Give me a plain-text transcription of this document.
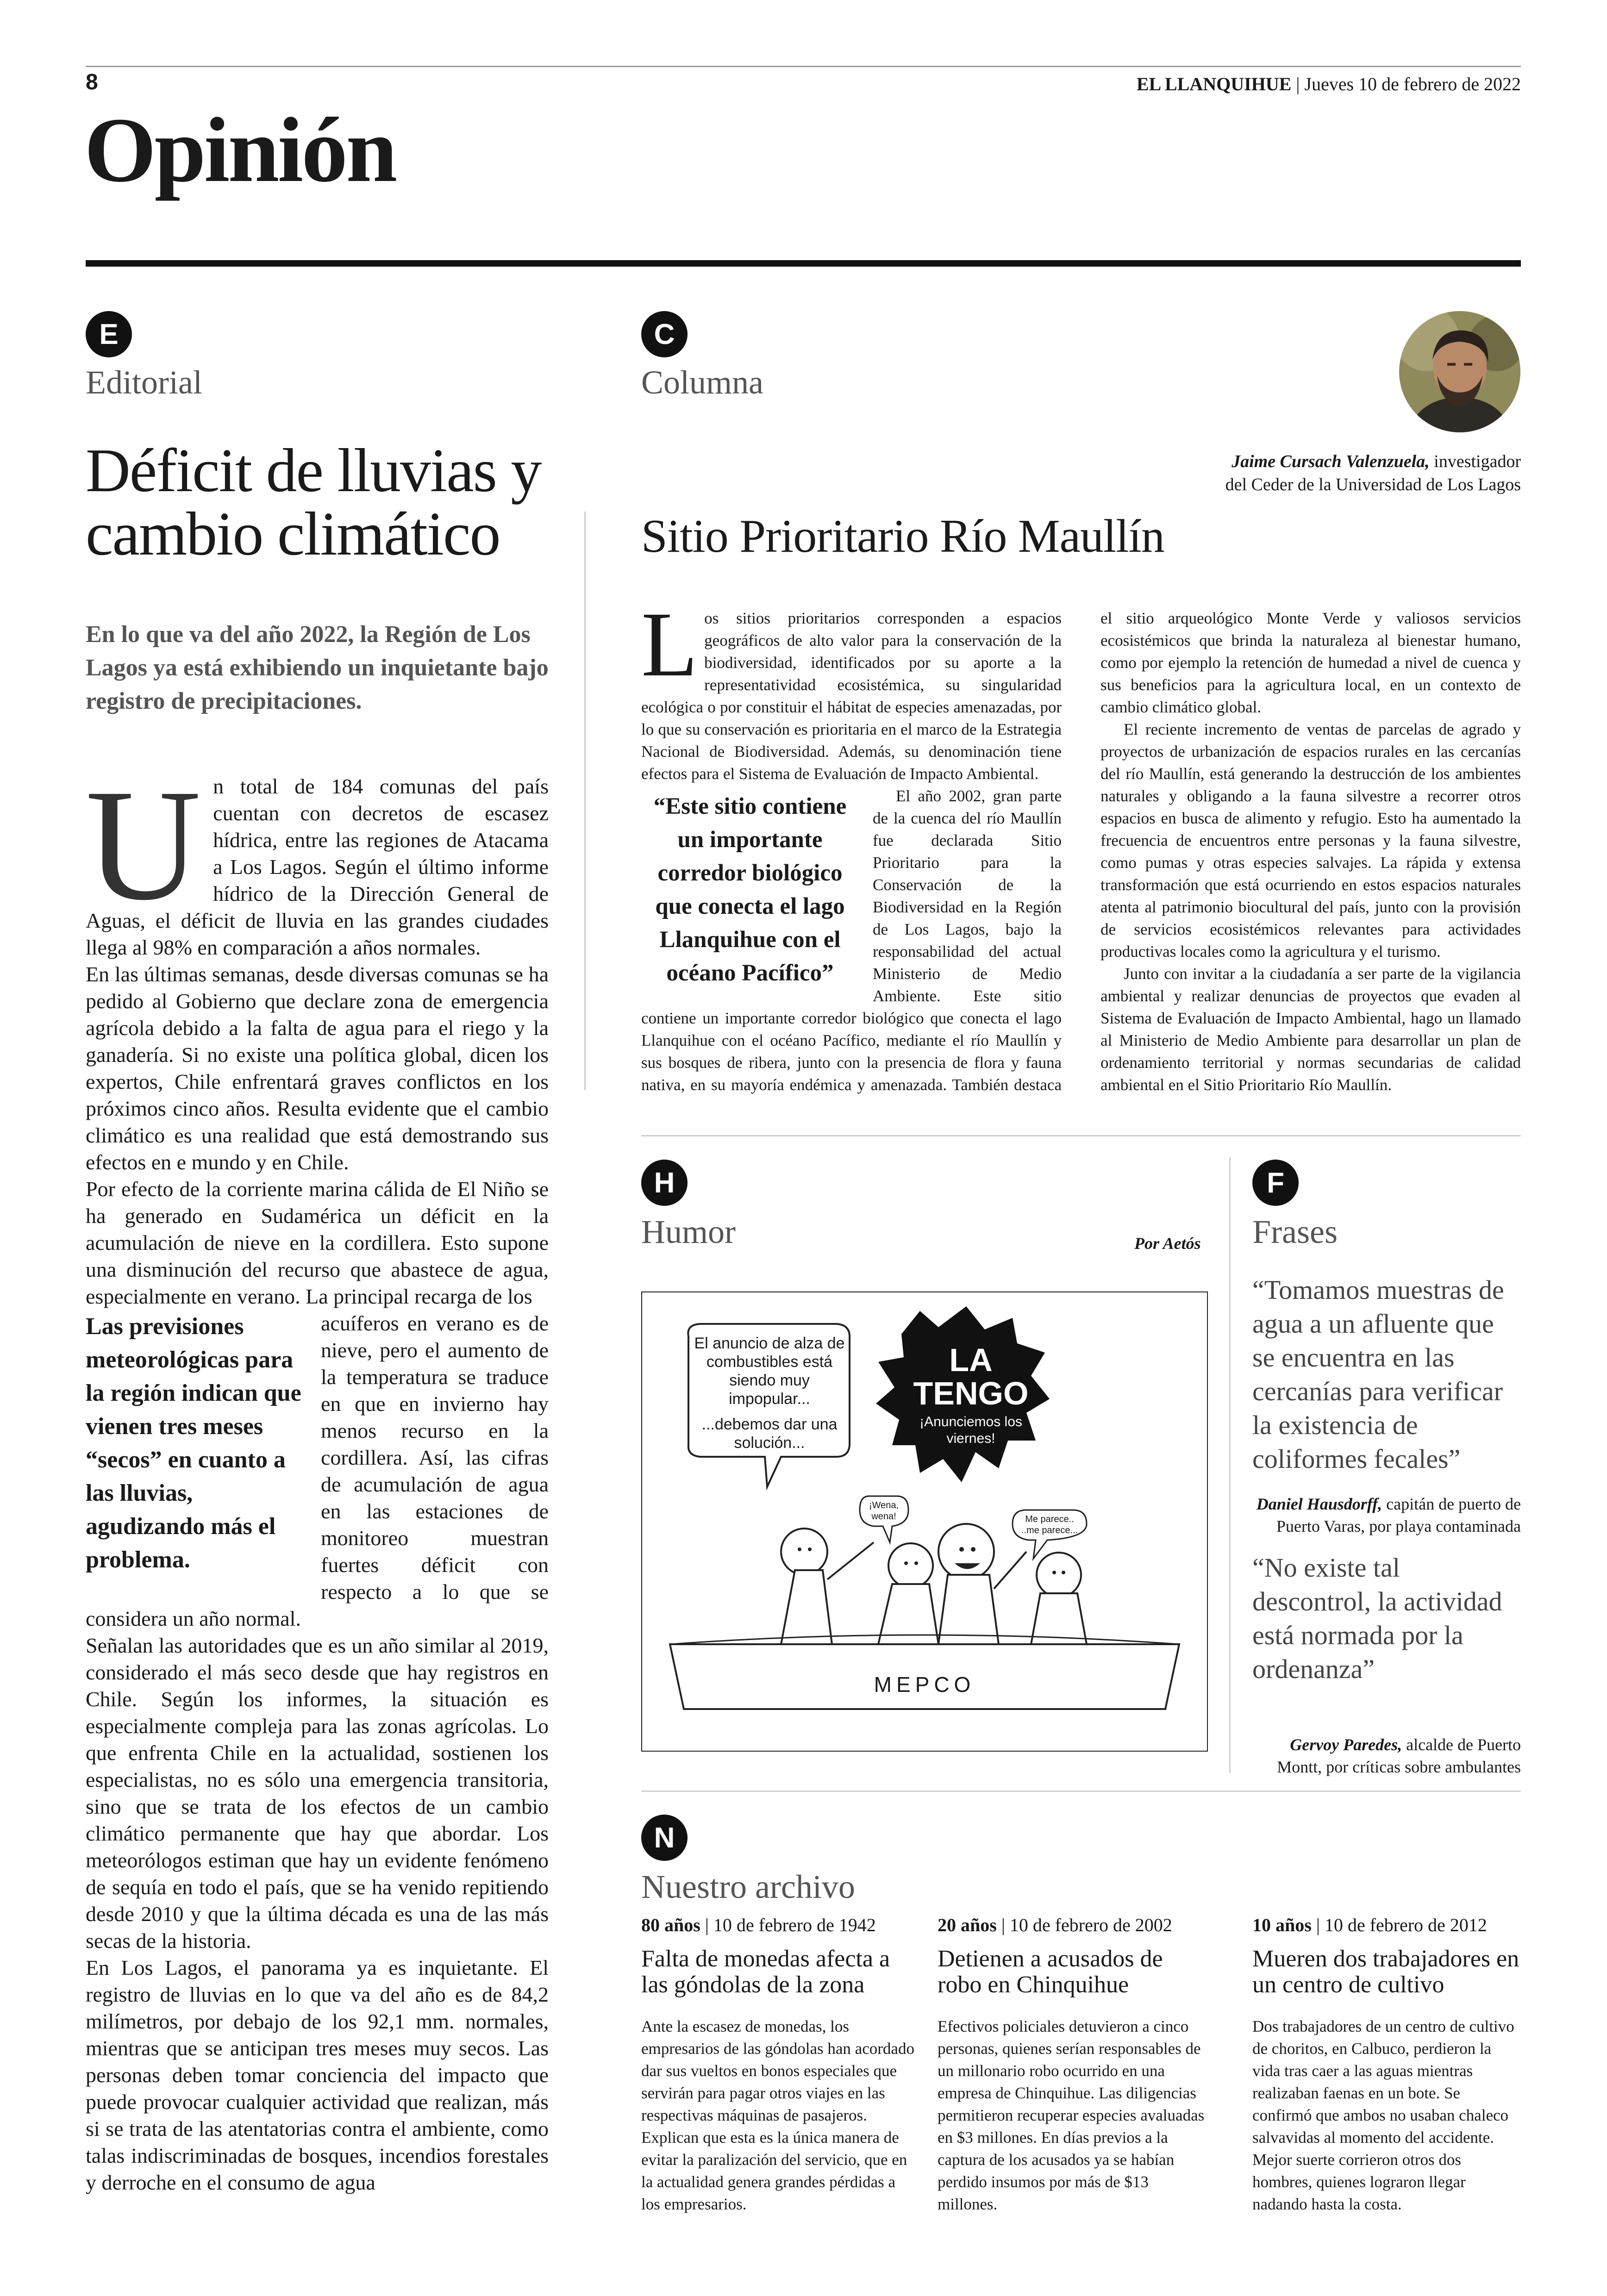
8	EL LLANQUIHUE | Jueves 10 de febrero de 2022
Opinión
E
Editorial
Déficit de lluvias y
cambio climático
En lo que va del año 2022, la Región de Los Lagos ya está exhibiendo un inquietante bajo registro de precipitaciones.
U n total de 184 comunas del país cuentan con decretos de escasez hídrica, entre las regiones de Atacama a Los Lagos. Según el último informe hídrico de la Dirección General de Aguas, el déficit de lluvia en las grandes ciudades llega al 98% en comparación a años normales.

En las últimas semanas, desde diversas comunas se ha pedido al Gobierno que declare zona de emergencia agrícola debido a la falta de agua para el riego y la ganadería. Si no existe una política global, dicen los expertos, Chile enfrentará graves conflictos en los próximos cinco años. Resulta evidente que el cambio climático es una realidad que está demostrando sus efectos en e mundo y en Chile.

Por efecto de la corriente marina cálida de El Niño se ha generado en Sudamérica un déficit en la acumulación de nieve en la cordillera. Esto supone una disminución del recurso que abastece de agua, especialmente en verano. La principal recarga de los

Las previsiones meteorológicas para la región indican que vienen tres meses “secos” en cuanto a las lluvias, agudizando más el problema.

acuíferos en verano es de nieve, pero el aumento de la temperatura se traduce en que en invierno hay menos recurso en la cordillera. Así, las cifras de acumulación de agua en las estaciones de monitoreo muestran fuertes déficit con respecto a lo que se considera un año normal.

Señalan las autoridades que es un año similar al 2019, considerado el más seco desde que hay registros en Chile. Según los informes, la situación es especialmente compleja para las zonas agrícolas. Lo que enfrenta Chile en la actualidad, sostienen los especialistas, no es sólo una emergencia transitoria, sino que se trata de los efectos de un cambio climático permanente que hay que abordar. Los meteorólogos estiman que hay un evidente fenómeno de sequía en todo el país, que se ha venido repitiendo desde 2010 y que la última década es una de las más secas de la historia.

En Los Lagos, el panorama ya es inquietante. El registro de lluvias en lo que va del año es de 84,2 milímetros, por debajo de los 92,1 mm. normales, mientras que se anticipan tres meses muy secos. Las personas deben tomar conciencia del impacto que puede provocar cualquier actividad que realizan, más si se trata de las atentatorias contra el ambiente, como talas indiscriminadas de bosques, incendios forestales y derroche en el consumo de agua

C
Columna
Jaime Cursach Valenzuela, investigador del Ceder de la Universidad de Los Lagos
Sitio Prioritario Río Maullín
L os sitios prioritarios corresponden a espacios geográficos de alto valor para la conservación de la biodiversidad, identificados por su aporte a la representatividad ecosistémica, su singularidad ecológica o por constituir el hábitat de especies amenazadas, por lo que su conservación es prioritaria en el marco de la Estrategia Nacional de Biodiversidad. Además, su denominación tiene efectos para el Sistema de Evaluación de Impacto Ambiental.

“Este sitio contiene un importante corredor biológico que conecta el lago Llanquihue con el océano Pacífico”

El año 2002, gran parte de la cuenca del río Maullín fue declarada Sitio Prioritario para la Conservación de la Biodiversidad en la Región de Los Lagos, bajo la responsabilidad del actual Ministerio de Medio Ambiente. Este sitio contiene un importante corredor biológico que conecta el lago Llanquihue con el océano Pacífico, mediante el río Maullín y sus bosques de ribera, junto con la presencia de flora y fauna nativa, en su mayoría endémica y amenazada. También destaca el sitio arqueológico Monte Verde y valiosos servicios ecosistémicos que brinda la naturaleza al bienestar humano, como por ejemplo la retención de humedad a nivel de cuenca y sus beneficios para la agricultura local, en un contexto de cambio climático global.

El reciente incremento de ventas de parcelas de agrado y proyectos de urbanización de espacios rurales en las cercanías del río Maullín, está generando la destrucción de los ambientes naturales y obligando a la fauna silvestre a recorrer otros espacios en busca de alimento y refugio. Esto ha aumentado la frecuencia de encuentros entre personas y la fauna silvestre, como pumas y otras especies salvajes. La rápida y extensa transformación que está ocurriendo en estos espacios naturales atenta al patrimonio biocultural del país, junto con la provisión de servicios ecosistémicos relevantes para actividades productivas locales como la agricultura y el turismo.

Junto con invitar a la ciudadanía a ser parte de la vigilancia ambiental y realizar denuncias de proyectos que evaden al Sistema de Evaluación de Impacto Ambiental, hago un llamado al Ministerio de Medio Ambiente para desarrollar un plan de ordenamiento territorial y normas secundarias de calidad ambiental en el Sitio Prioritario Río Maullín.

H
Humor	Por Aetós
El anuncio de alza de combustibles está siendo muy impopular...
...debemos dar una solución...
LA
TENGO
¡Anunciemos los viernes!
¡Wena, wena!	Me parece.. ..me parece...
MEPCO
F
Frases
“Tomamos muestras de agua a un afluente que se encuentra en las cercanías para verificar la existencia de coliformes fecales”
Daniel Hausdorff, capitán de puerto de Puerto Varas, por playa contaminada
“No existe tal descontrol, la actividad está normada por la ordenanza”
Gervoy Paredes, alcalde de Puerto Montt, por críticas sobre ambulantes
N
Nuestro archivo
80 años | 10 de febrero de 1942
Falta de monedas afecta a las góndolas de la zona
Ante la escasez de monedas, los empresarios de las góndolas han acordado dar sus vueltos en bonos especiales que servirán para pagar otros viajes en las respectivas máquinas de pasajeros. Explican que esta es la única manera de evitar la paralización del servicio, que en la actualidad genera grandes pérdidas a los empresarios.
20 años | 10 de febrero de 2002
Detienen a acusados de robo en Chinquihue
Efectivos policiales detuvieron a cinco personas, quienes serían responsables de un millonario robo ocurrido en una empresa de Chinquihue. Las diligencias permitieron recuperar especies avaluadas en $3 millones. En días previos a la captura de los acusados ya se habían perdido insumos por más de $13 millones.
10 años | 10 de febrero de 2012
Mueren dos trabajadores en un centro de cultivo
Dos trabajadores de un centro de cultivo de choritos, en Calbuco, perdieron la vida tras caer a las aguas mientras realizaban faenas en un bote. Se confirmó que ambos no usaban chaleco salvavidas al momento del accidente. Mejor suerte corrieron otros dos hombres, quienes lograron llegar nadando hasta la costa.
